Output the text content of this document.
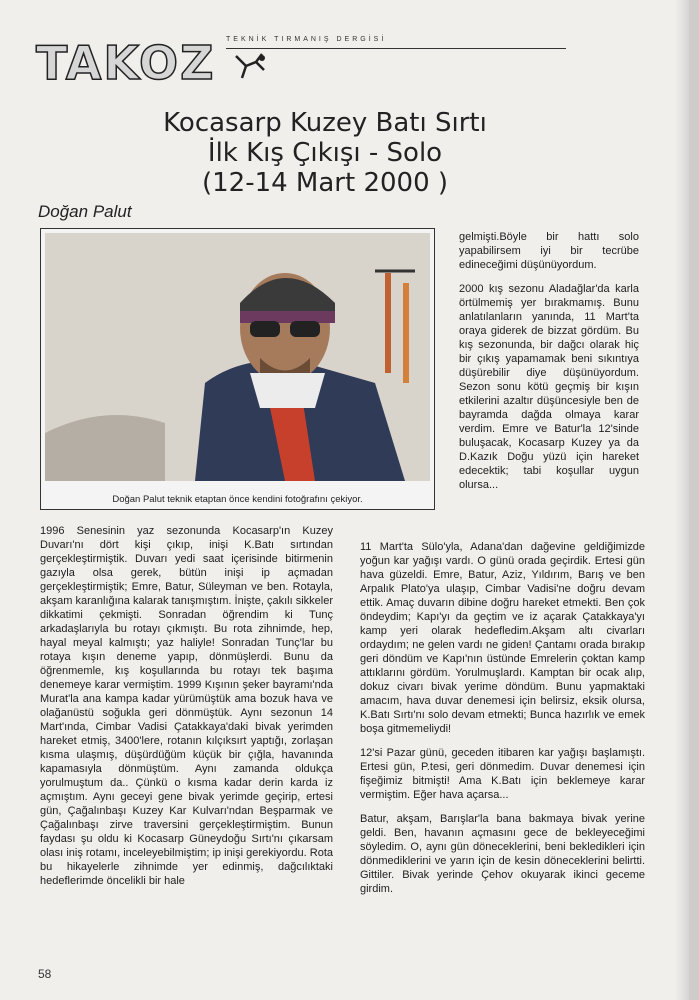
TAKOZ TEKNİK TIRMANIŞ DERGİSİ
Kocasarp Kuzey Batı Sırtı
İlk Kış Çıkışı - Solo
(12-14 Mart 2000 )
Doğan Palut
Doğan Palut teknik etaptan önce kendini fotoğrafını çekiyor.

gelmişti.Böyle bir hattı solo yapabilirsem iyi bir tecrübe edineceğimi düşünüyordum.

2000 kış sezonu Aladağlar'da karla örtülmemiş yer bırakmamış. Bunu anlatılanların yanında, 11 Mart'ta oraya giderek de bizzat gördüm. Bu kış sezonunda, bir dağcı olarak hiç bir çıkış yapamamak beni sıkıntıya düşürebilir diye düşünüyordum. Sezon sonu kötü geçmiş bir kışın etkilerini azaltır düşüncesiyle ben de bayramda dağda olmaya karar verdim. Emre ve Batur'la 12'sinde buluşacak, Kocasarp Kuzey ya da D.Kazık Doğu yüzü için hareket edecektik; tabi koşullar uygun olursa...

1996 Senesinin yaz sezonunda Kocasarp'ın Kuzey Duvarı'nı dört kişi çıkıp, inişi K.Batı sırtından gerçekleştirmiştik. Duvarı yedi saat içerisinde bitirmenin gazıyla olsa gerek, bütün inişi ip açmadan gerçekleştirmiştik; Emre, Batur, Süleyman ve ben. Rotayla, akşam karanlığına kalarak tanışmıştım. İnişte, çakılı sikkeler dikkatimi çekmişti. Sonradan öğrendim ki Tunç arkadaşlarıyla bu rotayı çıkmıştı. Bu rota zihnimde, hep, hayal meyal kalmıştı; yaz haliyle! Sonradan Tunç'lar bu rotaya kışın deneme yapıp, dönmüşlerdi. Bunu da öğrenmemle, kış koşullarında bu rotayı tek başıma denemeye karar vermiştim. 1999 Kışının şeker bayramı'nda Murat'la ana kampa kadar yürümüştük ama bozuk hava ve olağanüstü soğukla geri dönmüştük. Aynı sezonun 14 Mart'ında, Cimbar Vadisi Çatakkaya'daki bivak yerimden hareket etmiş, 3400'lere, rotanın kılçıksırt yaptığı, zorlaşan kısma ulaşmış, düşürdüğüm küçük bir çığla, havanında kapamasıyla dönmüştüm. Aynı zamanda oldukça yorulmuştum da.. Çünkü o kısma kadar derin karda iz açmıştım. Aynı geceyi gene bivak yerimde geçirip, ertesi gün, Çağalınbaşı Kuzey Kar Kulvarı'ndan Beşparmak ve Çağalınbaşı zirve traversini gerçekleştirmiştim. Bunun faydası şu oldu ki Kocasarp Güneydoğu Sırtı'nı çıkarsam olası iniş rotamı, inceleyebilmiştim; ip inişi gerekiyordu. Rota bu hikayelerle zihnimde yer edinmiş, dağcılıktaki hedeflerimde öncelikli bir hale

11 Mart'ta Sülo'yla, Adana'dan dağevine geldiğimizde yoğun kar yağışı vardı. O günü orada geçirdik. Ertesi gün hava güzeldi. Emre, Batur, Aziz, Yıldırım, Barış ve ben Arpalık Plato'ya ulaşıp, Cimbar Vadisi'ne doğru devam ettik. Amaç duvarın dibine doğru hareket etmekti. Ben çok öndeydim; Kapı'yı da geçtim ve iz açarak Çatakkaya'yı kamp yeri olarak hedefledim.Akşam altı civarları ordaydım; ne gelen vardı ne giden! Çantamı orada bırakıp geri döndüm ve Kapı'nın üstünde Emrelerin çoktan kamp attıklarını gördüm. Yorulmuşlardı. Kamptan bir ocak alıp, dokuz civarı bivak yerime döndüm. Bunu yapmaktaki amacım, hava duvar denemesi için belirsiz, eksik olursa, K.Batı Sırtı'nı solo devam etmekti; Bunca hazırlık ve emek boşa gitmemeliydi!

12'si Pazar günü, geceden itibaren kar yağışı başlamıştı. Ertesi gün, P.tesi, geri dönmedim. Duvar denemesi için fişeğimiz bitmişti! Ama K.Batı için beklemeye karar vermiştim. Eğer hava açarsa...

Batur, akşam, Barışlar'la bana bakmaya bivak yerine geldi. Ben, havanın açmasını gece de bekleyeceğimi söyledim. O, aynı gün döneceklerini, beni bekledikleri için dönmediklerini ve yarın için de kesin döneceklerini belirtti. Gittiler. Bivak yerinde Çehov okuyarak ikinci geceme girdim.

58
